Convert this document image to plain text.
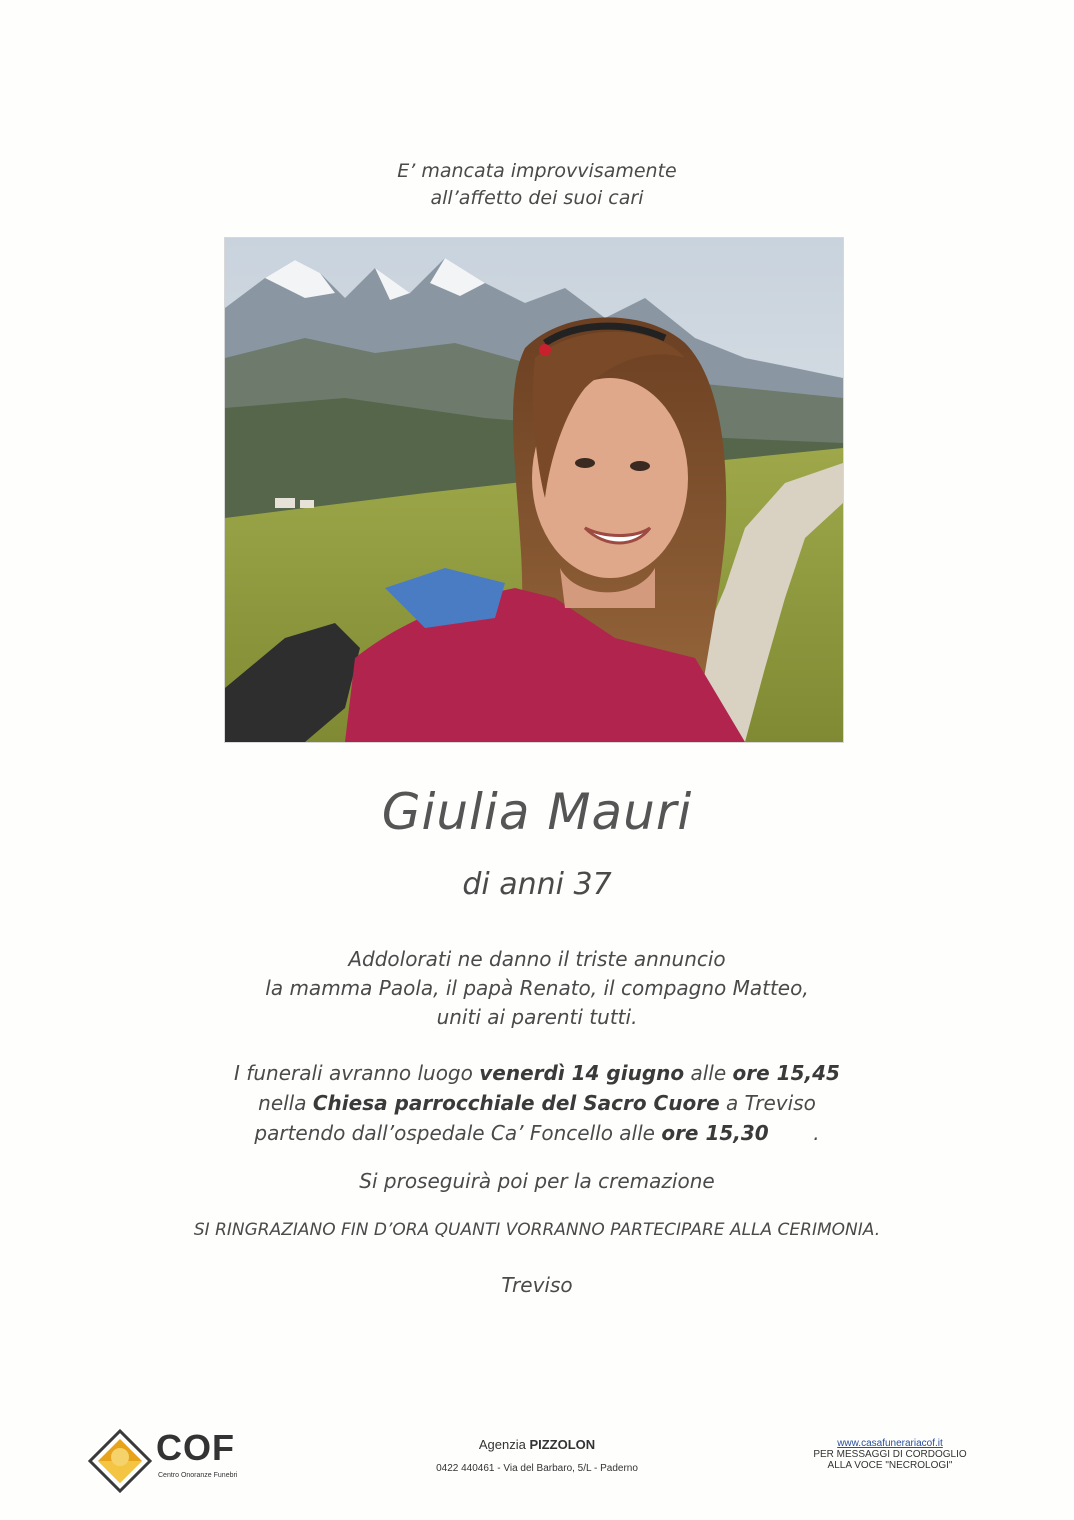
E’ mancata improvvisamente
all’affetto dei suoi cari
Giulia Mauri
di anni 37
Addolorati ne danno il triste annuncio
la mamma Paola, il papà Renato, il compagno Matteo,
uniti ai parenti tutti.
I funerali avranno luogo venerdì 14 giugno alle ore 15,45
nella Chiesa parrocchiale del Sacro Cuore a Treviso
partendo dall’ospedale Ca’ Foncello alle ore 15,30       .
Si proseguirà poi per la cremazione
SI RINGRAZIANO FIN D’ORA QUANTI VORRANNO PARTECIPARE ALLA CERIMONIA.
Treviso
COF
Centro Onoranze Funebri
Agenzia PIZZOLON
0422 440461 - Via del Barbaro, 5/L - Paderno
www.casafunerariacof.it
PER MESSAGGI DI CORDOGLIO
ALLA VOCE "NECROLOGI"
